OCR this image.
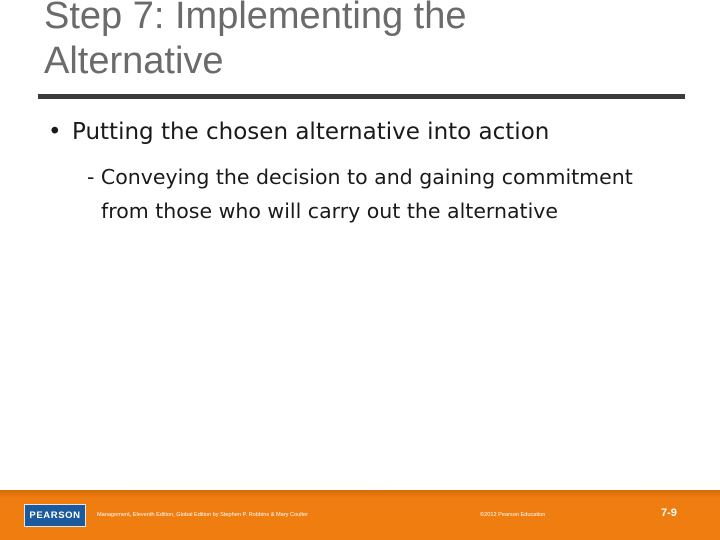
Step 7: Implementing the
Alternative
• Putting the chosen alternative into action
- Conveying the decision to and gaining commitment
from those who will carry out the alternative
PEARSON	Management, Eleventh Edition, Global Edition by Stephen P. Robbins & Mary Coulter	©2012 Pearson Education	7-9
